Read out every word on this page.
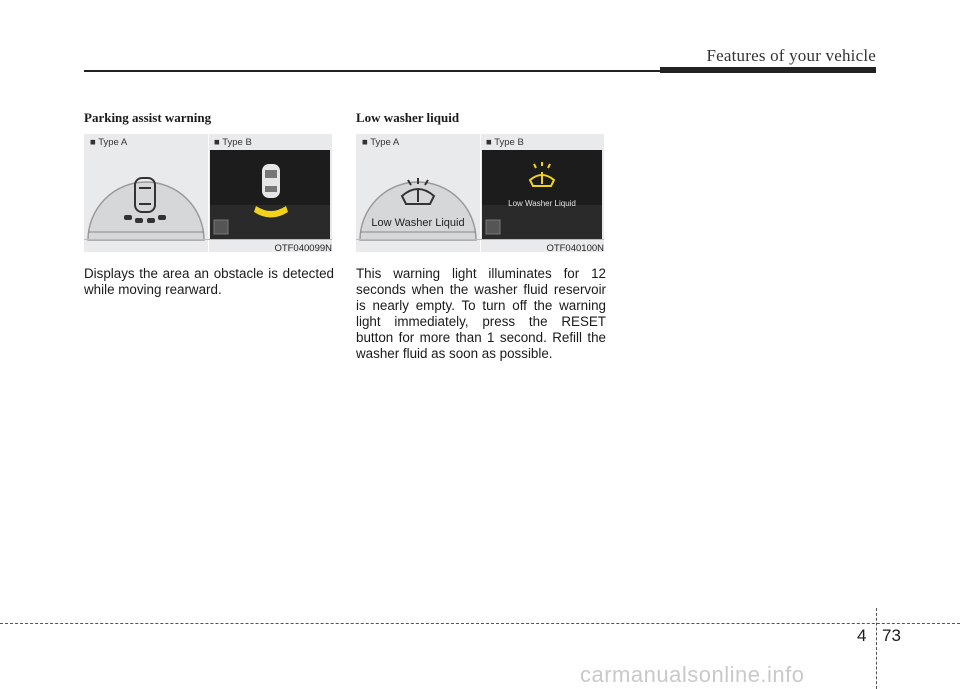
Features of your vehicle
Parking assist warning
■ Type A	■ Type B
OTF040099N
Displays the area an obstacle is detected while moving rearward.
Low washer liquid
■ Type A	■ Type B
Low Washer Liquid
Low Washer Liquid
OTF040100N
This warning light illuminates for 12 seconds when the washer fluid reservoir is nearly empty. To turn off the warning light immediately, press the RESET button for more than 1 second. Refill the washer fluid as soon as possible.
4 73
carmanualsonline.info
